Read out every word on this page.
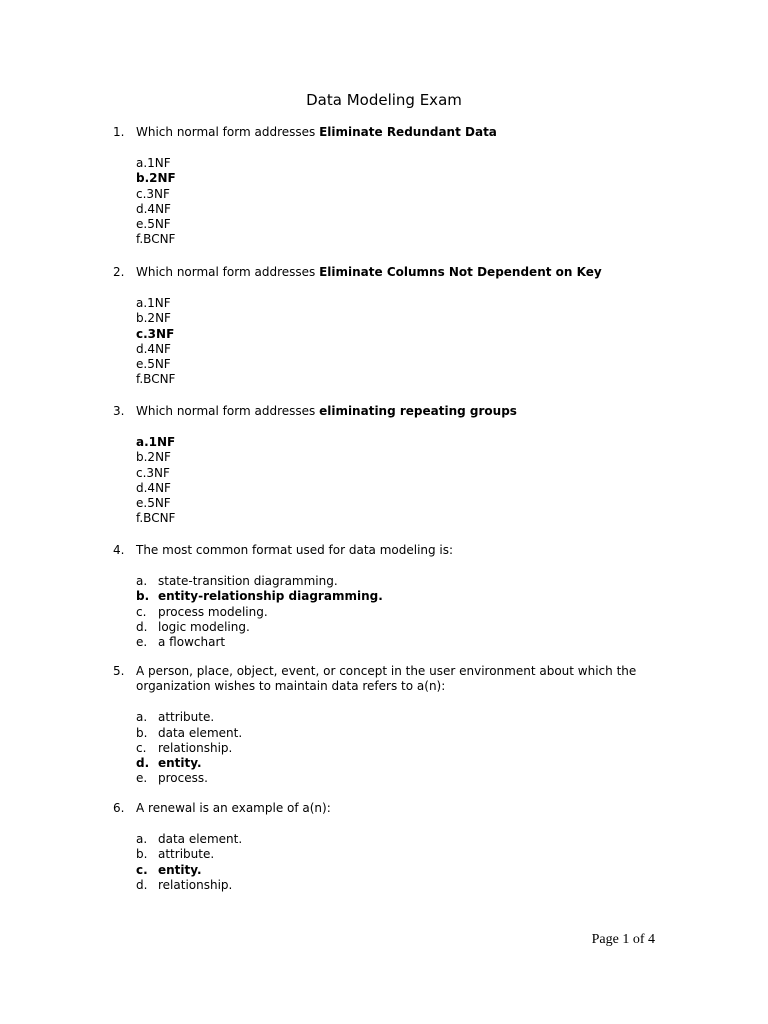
Data Modeling Exam
1. Which normal form addresses Eliminate Redundant Data
a.1NF
b.2NF
c.3NF
d.4NF
e.5NF
f.BCNF
2. Which normal form addresses Eliminate Columns Not Dependent on Key
a.1NF
b.2NF
c.3NF
d.4NF
e.5NF
f.BCNF
3. Which normal form addresses eliminating repeating groups
a.1NF
b.2NF
c.3NF
d.4NF
e.5NF
f.BCNF
4. The most common format used for data modeling is:
a. state-transition diagramming.
b. entity-relationship diagramming.
c. process modeling.
d. logic modeling.
e. a flowchart
5. A person, place, object, event, or concept in the user environment about which the organization wishes to maintain data refers to a(n):
a. attribute.
b. data element.
c. relationship.
d. entity.
e. process.
6. A renewal is an example of a(n):
a. data element.
b. attribute.
c. entity.
d. relationship.
Page 1 of 4
